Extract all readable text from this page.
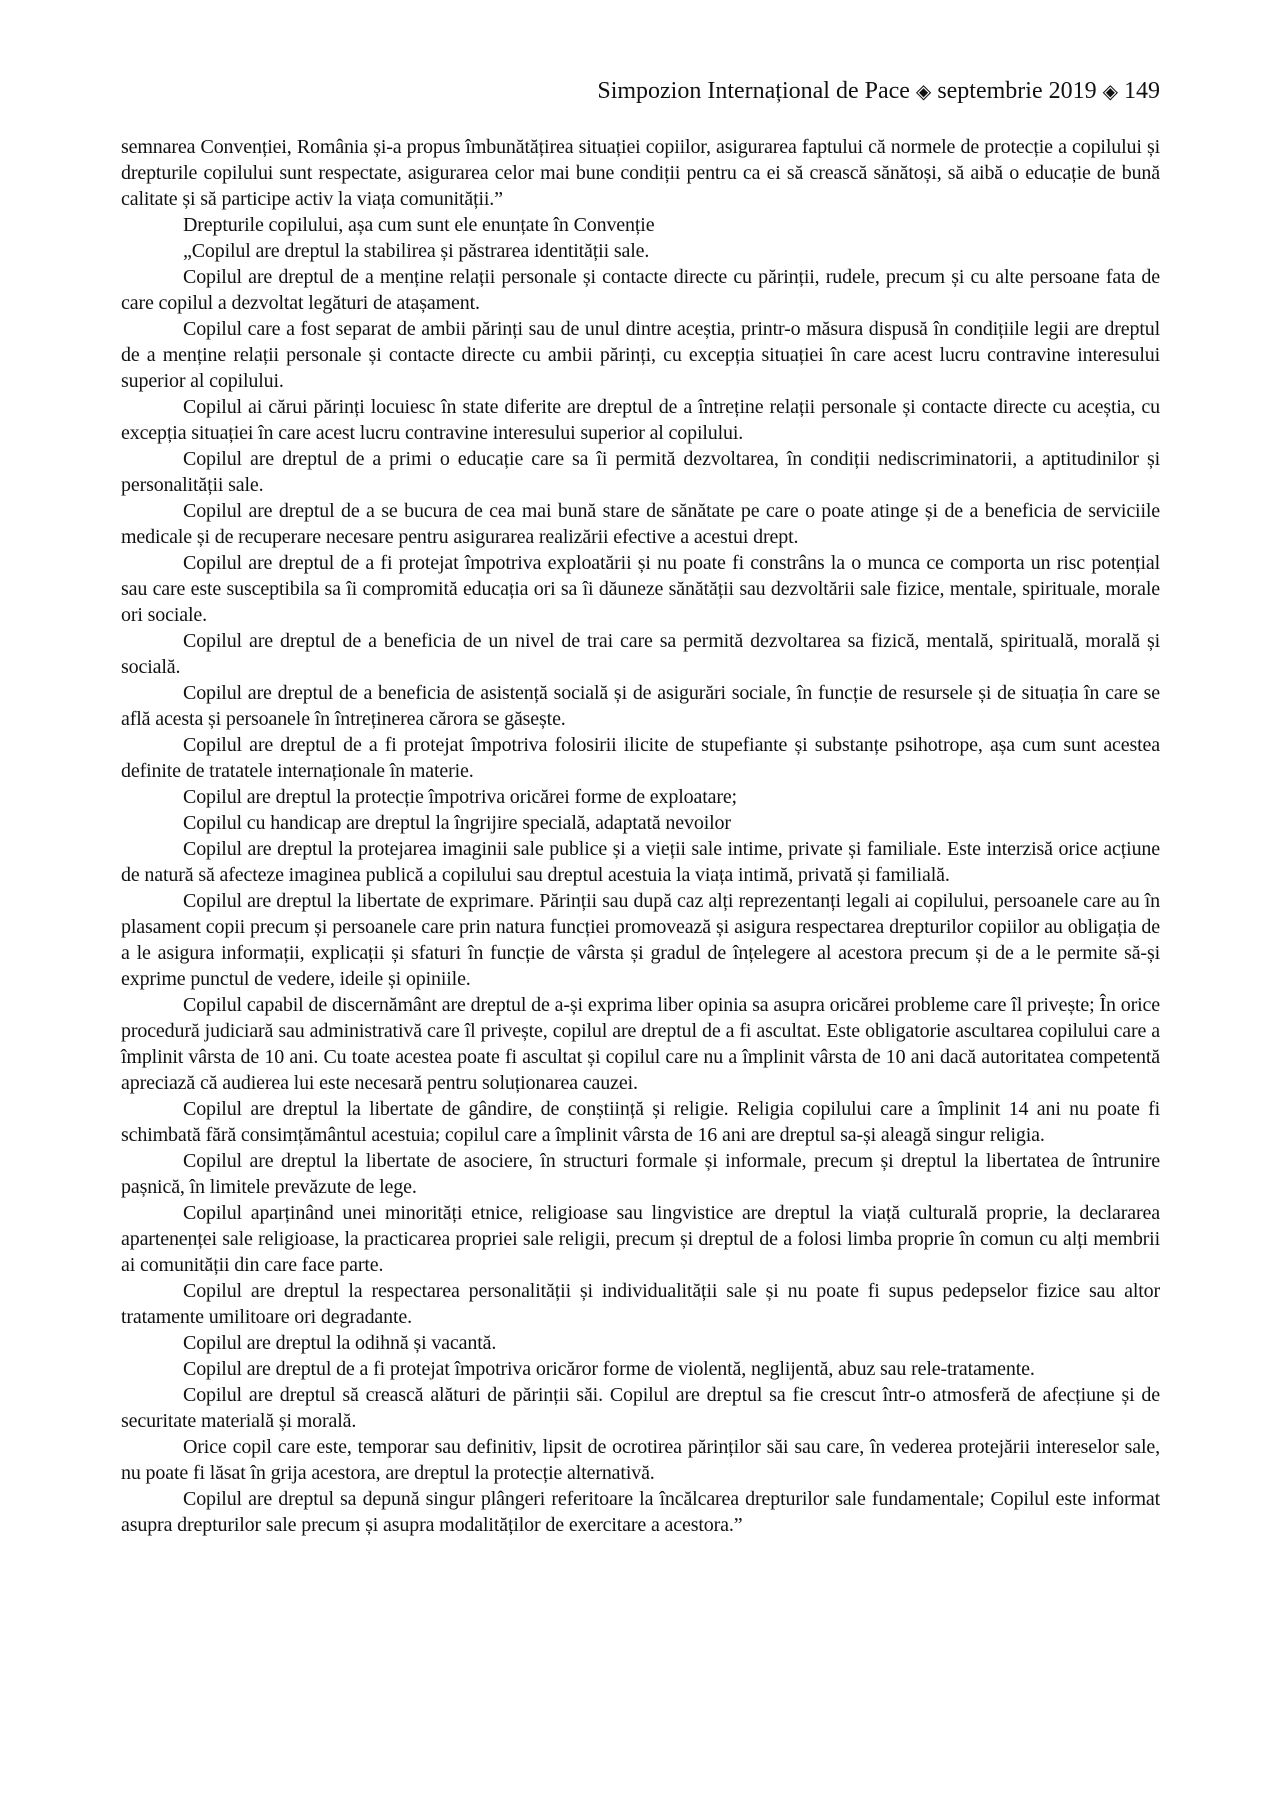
Simpozion Internațional de Pace ◈ septembrie 2019 ◈ 149

semnarea Convenției, România și-a propus îmbunătățirea situației copiilor, asigurarea faptului că normele de protecție a copilului și drepturile copilului sunt respectate, asigurarea celor mai bune condiții pentru ca ei să crească sănătoși, să aibă o educație de bună calitate și să participe activ la viața comunității.”

Drepturile copilului, așa cum sunt ele enunțate în Convenție

„Copilul are dreptul la stabilirea și păstrarea identității sale.

Copilul are dreptul de a menține relații personale și contacte directe cu părinții, rudele, precum și cu alte persoane fata de care copilul a dezvoltat legături de atașament.

Copilul care a fost separat de ambii părinți sau de unul dintre aceștia, printr-o măsura dispusă în condițiile legii are dreptul de a menține relații personale și contacte directe cu ambii părinți, cu excepția situației în care acest lucru contravine interesului superior al copilului.

Copilul ai cărui părinți locuiesc în state diferite are dreptul de a întreține relații personale și contacte directe cu aceștia, cu excepția situației în care acest lucru contravine interesului superior al copilului.

Copilul are dreptul de a primi o educație care sa îi permită dezvoltarea, în condiții nediscriminatorii, a aptitudinilor și personalității sale.

Copilul are dreptul de a se bucura de cea mai bună stare de sănătate pe care o poate atinge și de a beneficia de serviciile medicale și de recuperare necesare pentru asigurarea realizării efective a acestui drept.

Copilul are dreptul de a fi protejat împotriva exploatării și nu poate fi constrâns la o munca ce comporta un risc potențial sau care este susceptibila sa îi compromită educația ori sa îi dăuneze sănătății sau dezvoltării sale fizice, mentale, spirituale, morale ori sociale.

Copilul are dreptul de a beneficia de un nivel de trai care sa permită dezvoltarea sa fizică, mentală, spirituală, morală și socială.

Copilul are dreptul de a beneficia de asistență socială și de asigurări sociale, în funcție de resursele și de situația în care se află acesta și persoanele în întreținerea cărora se găsește.

Copilul are dreptul de a fi protejat împotriva folosirii ilicite de stupefiante și substanțe psihotrope, așa cum sunt acestea definite de tratatele internaționale în materie.

Copilul are dreptul la protecție împotriva oricărei forme de exploatare;

Copilul cu handicap are dreptul la îngrijire specială, adaptată nevoilor

Copilul are dreptul la protejarea imaginii sale publice și a vieții sale intime, private și familiale. Este interzisă orice acțiune de natură să afecteze imaginea publică a copilului sau dreptul acestuia la viața intimă, privată și familială.

Copilul are dreptul la libertate de exprimare. Părinții sau după caz alți reprezentanți legali ai copilului, persoanele care au în plasament copii precum și persoanele care prin natura funcției promovează și asigura respectarea drepturilor copiilor au obligația de a le asigura informații, explicații și sfaturi în funcție de vârsta și gradul de înțelegere al acestora precum și de a le permite să-și exprime punctul de vedere, ideile și opiniile.

Copilul capabil de discernământ are dreptul de a-și exprima liber opinia sa asupra oricărei probleme care îl privește; În orice procedură judiciară sau administrativă care îl privește, copilul are dreptul de a fi ascultat. Este obligatorie ascultarea copilului care a împlinit vârsta de 10 ani. Cu toate acestea poate fi ascultat și copilul care nu a împlinit vârsta de 10 ani dacă autoritatea competentă apreciază că audierea lui este necesară pentru soluționarea cauzei.

Copilul are dreptul la libertate de gândire, de conștiință și religie. Religia copilului care a împlinit 14 ani nu poate fi schimbată fără consimțământul acestuia; copilul care a împlinit vârsta de 16 ani are dreptul sa-și aleagă singur religia.

Copilul are dreptul la libertate de asociere, în structuri formale și informale, precum și dreptul la libertatea de întrunire pașnică, în limitele prevăzute de lege.

Copilul aparținând unei minorități etnice, religioase sau lingvistice are dreptul la viață culturală proprie, la declararea apartenenței sale religioase, la practicarea propriei sale religii, precum și dreptul de a folosi limba proprie în comun cu alți membrii ai comunității din care face parte.

Copilul are dreptul la respectarea personalității și individualității sale și nu poate fi supus pedepselor fizice sau altor tratamente umilitoare ori degradante.

Copilul are dreptul la odihnă și vacantă.

Copilul are dreptul de a fi protejat împotriva oricăror forme de violentă, neglijentă, abuz sau rele-tratamente.

Copilul are dreptul să crească alături de părinții săi. Copilul are dreptul sa fie crescut într-o atmosferă de afecțiune și de securitate materială și morală.

Orice copil care este, temporar sau definitiv, lipsit de ocrotirea părinților săi sau care, în vederea protejării intereselor sale, nu poate fi lăsat în grija acestora, are dreptul la protecție alternativă.

Copilul are dreptul sa depună singur plângeri referitoare la încălcarea drepturilor sale fundamentale; Copilul este informat asupra drepturilor sale precum și asupra modalităților de exercitare a acestora.”
